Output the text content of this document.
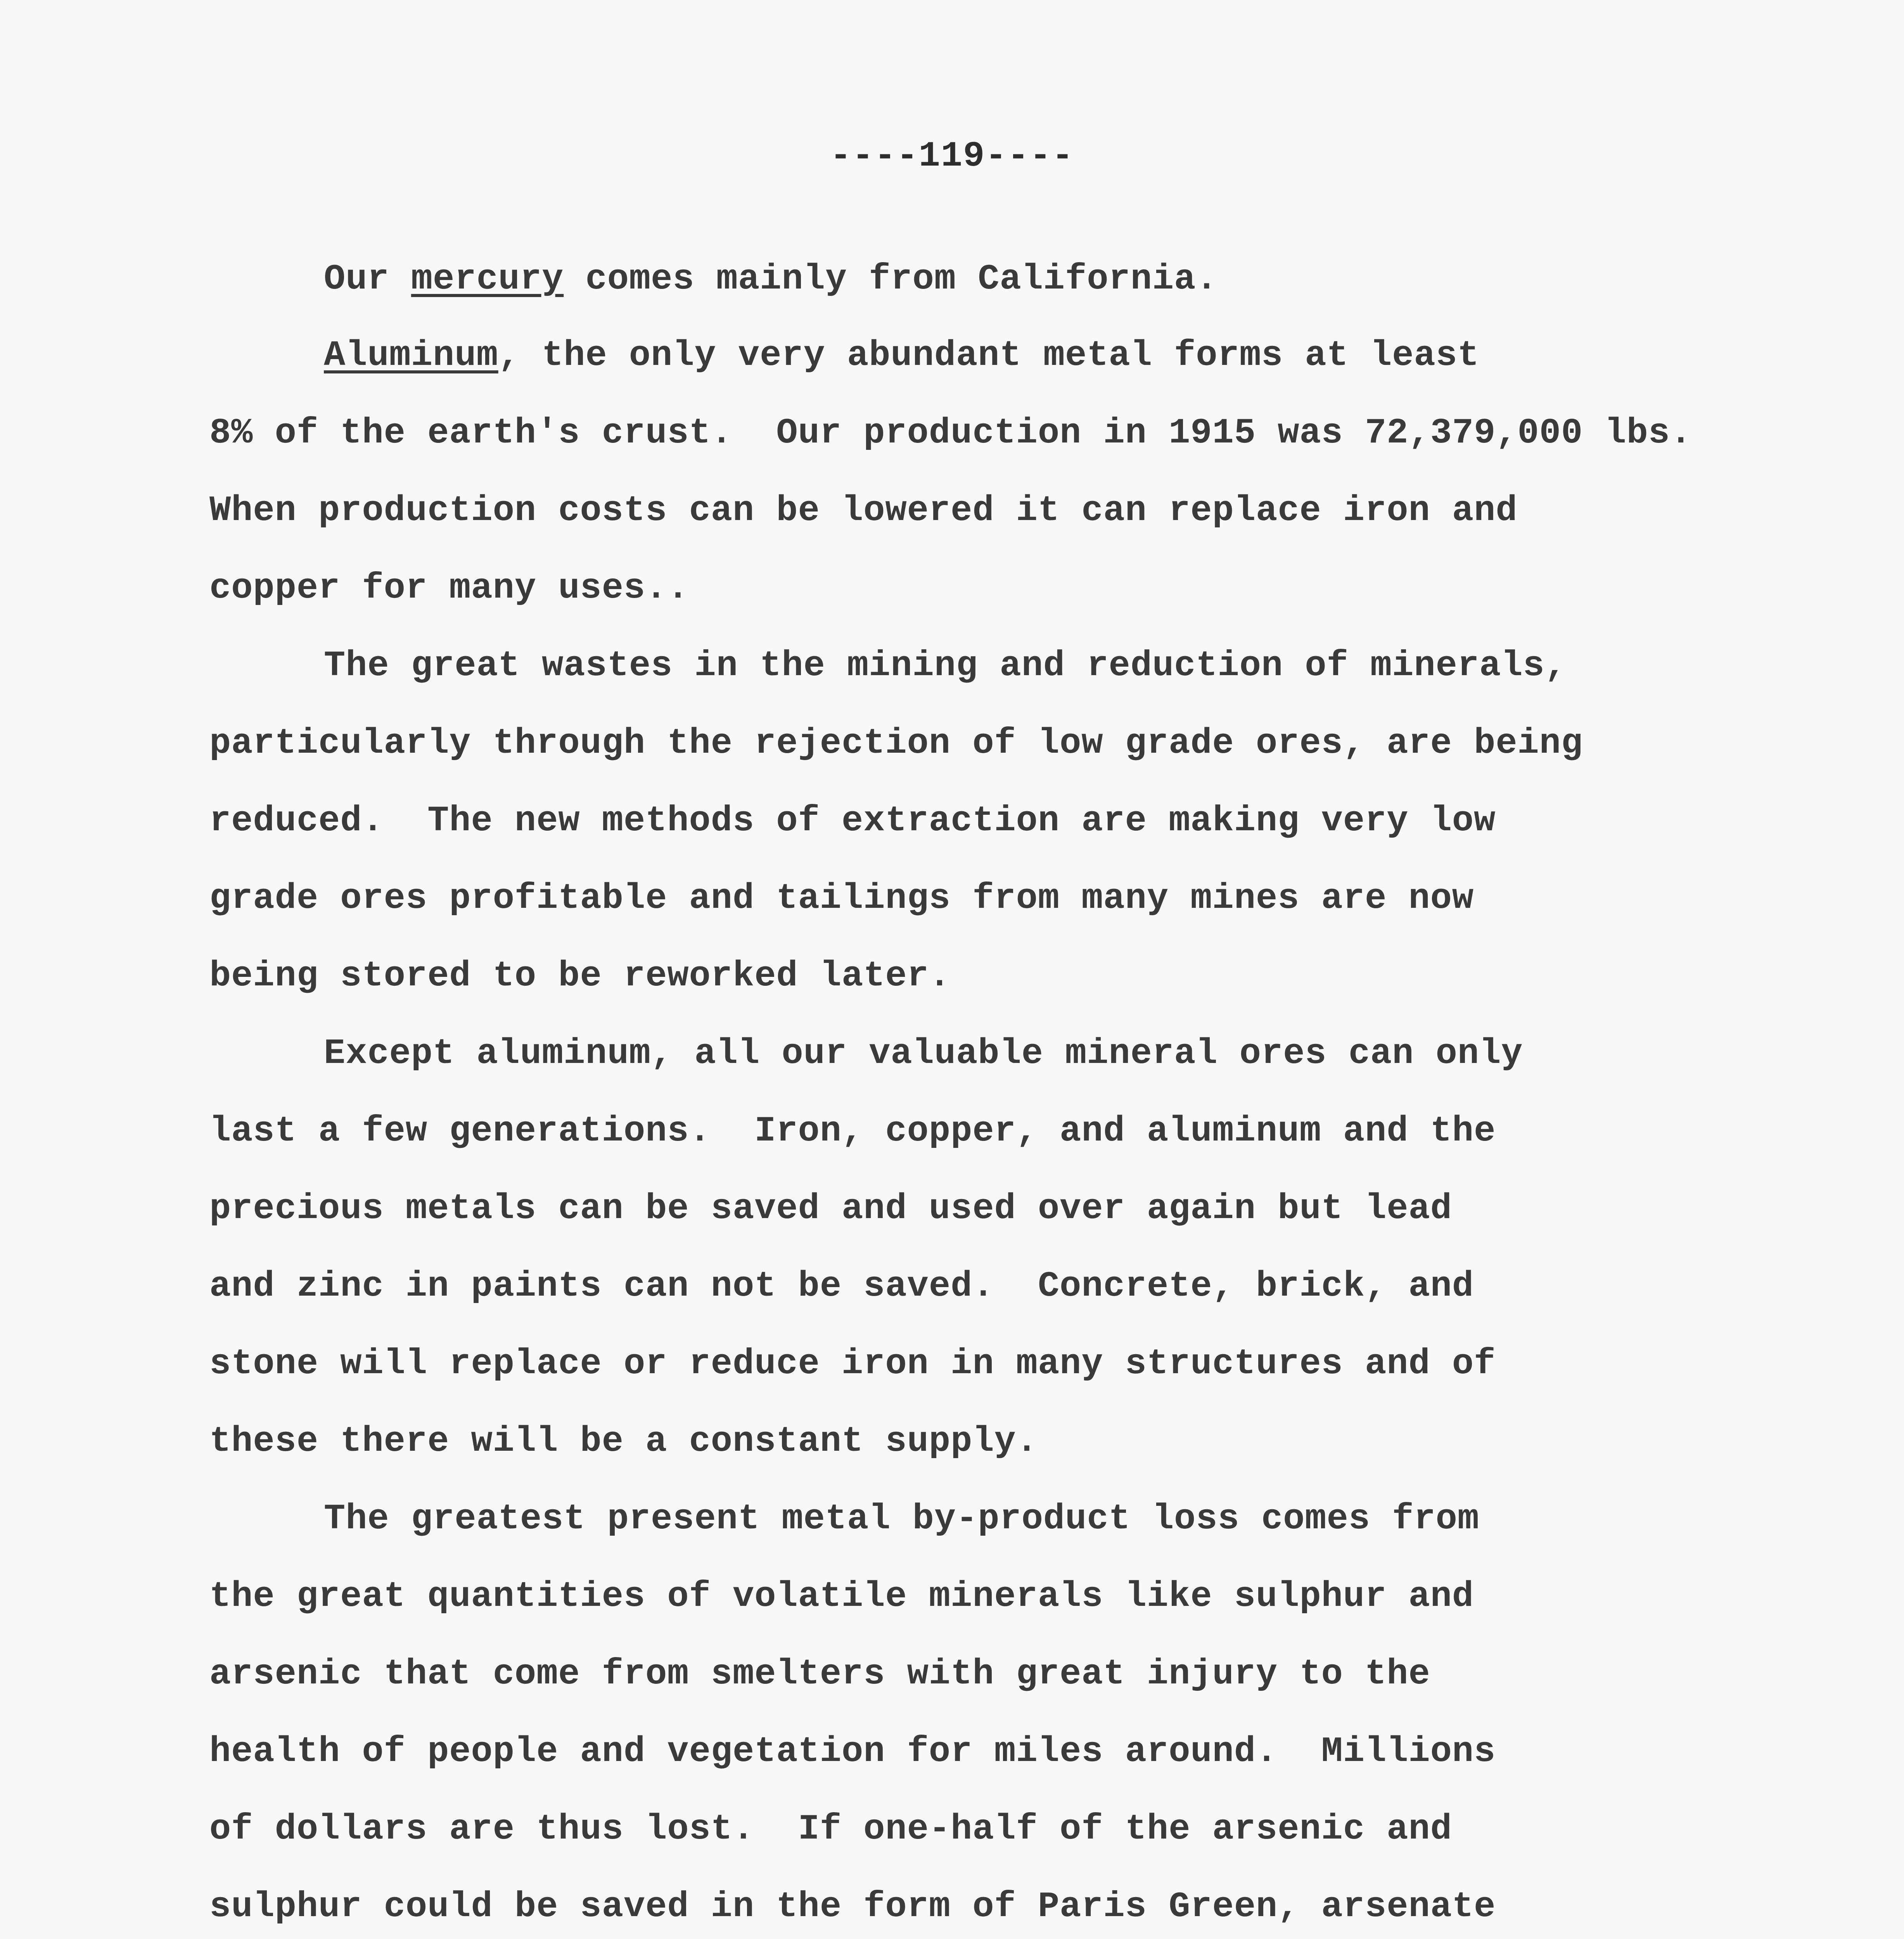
----119----
Our mercury comes mainly from California.
Aluminum, the only very abundant metal forms at least
8% of the earth's crust.  Our production in 1915 was 72,379,000 lbs.
When production costs can be lowered it can replace iron and
copper for many uses..
The great wastes in the mining and reduction of minerals,
particularly through the rejection of low grade ores, are being
reduced.  The new methods of extraction are making very low
grade ores profitable and tailings from many mines are now
being stored to be reworked later.
Except aluminum, all our valuable mineral ores can only
last a few generations.  Iron, copper, and aluminum and the
precious metals can be saved and used over again but lead
and zinc in paints can not be saved.  Concrete, brick, and
stone will replace or reduce iron in many structures and of
these there will be a constant supply.
The greatest present metal by-product loss comes from
the great quantities of volatile minerals like sulphur and
arsenic that come from smelters with great injury to the
health of people and vegetation for miles around.  Millions
of dollars are thus lost.  If one-half of the arsenic and
sulphur could be saved in the form of Paris Green, arsenate
